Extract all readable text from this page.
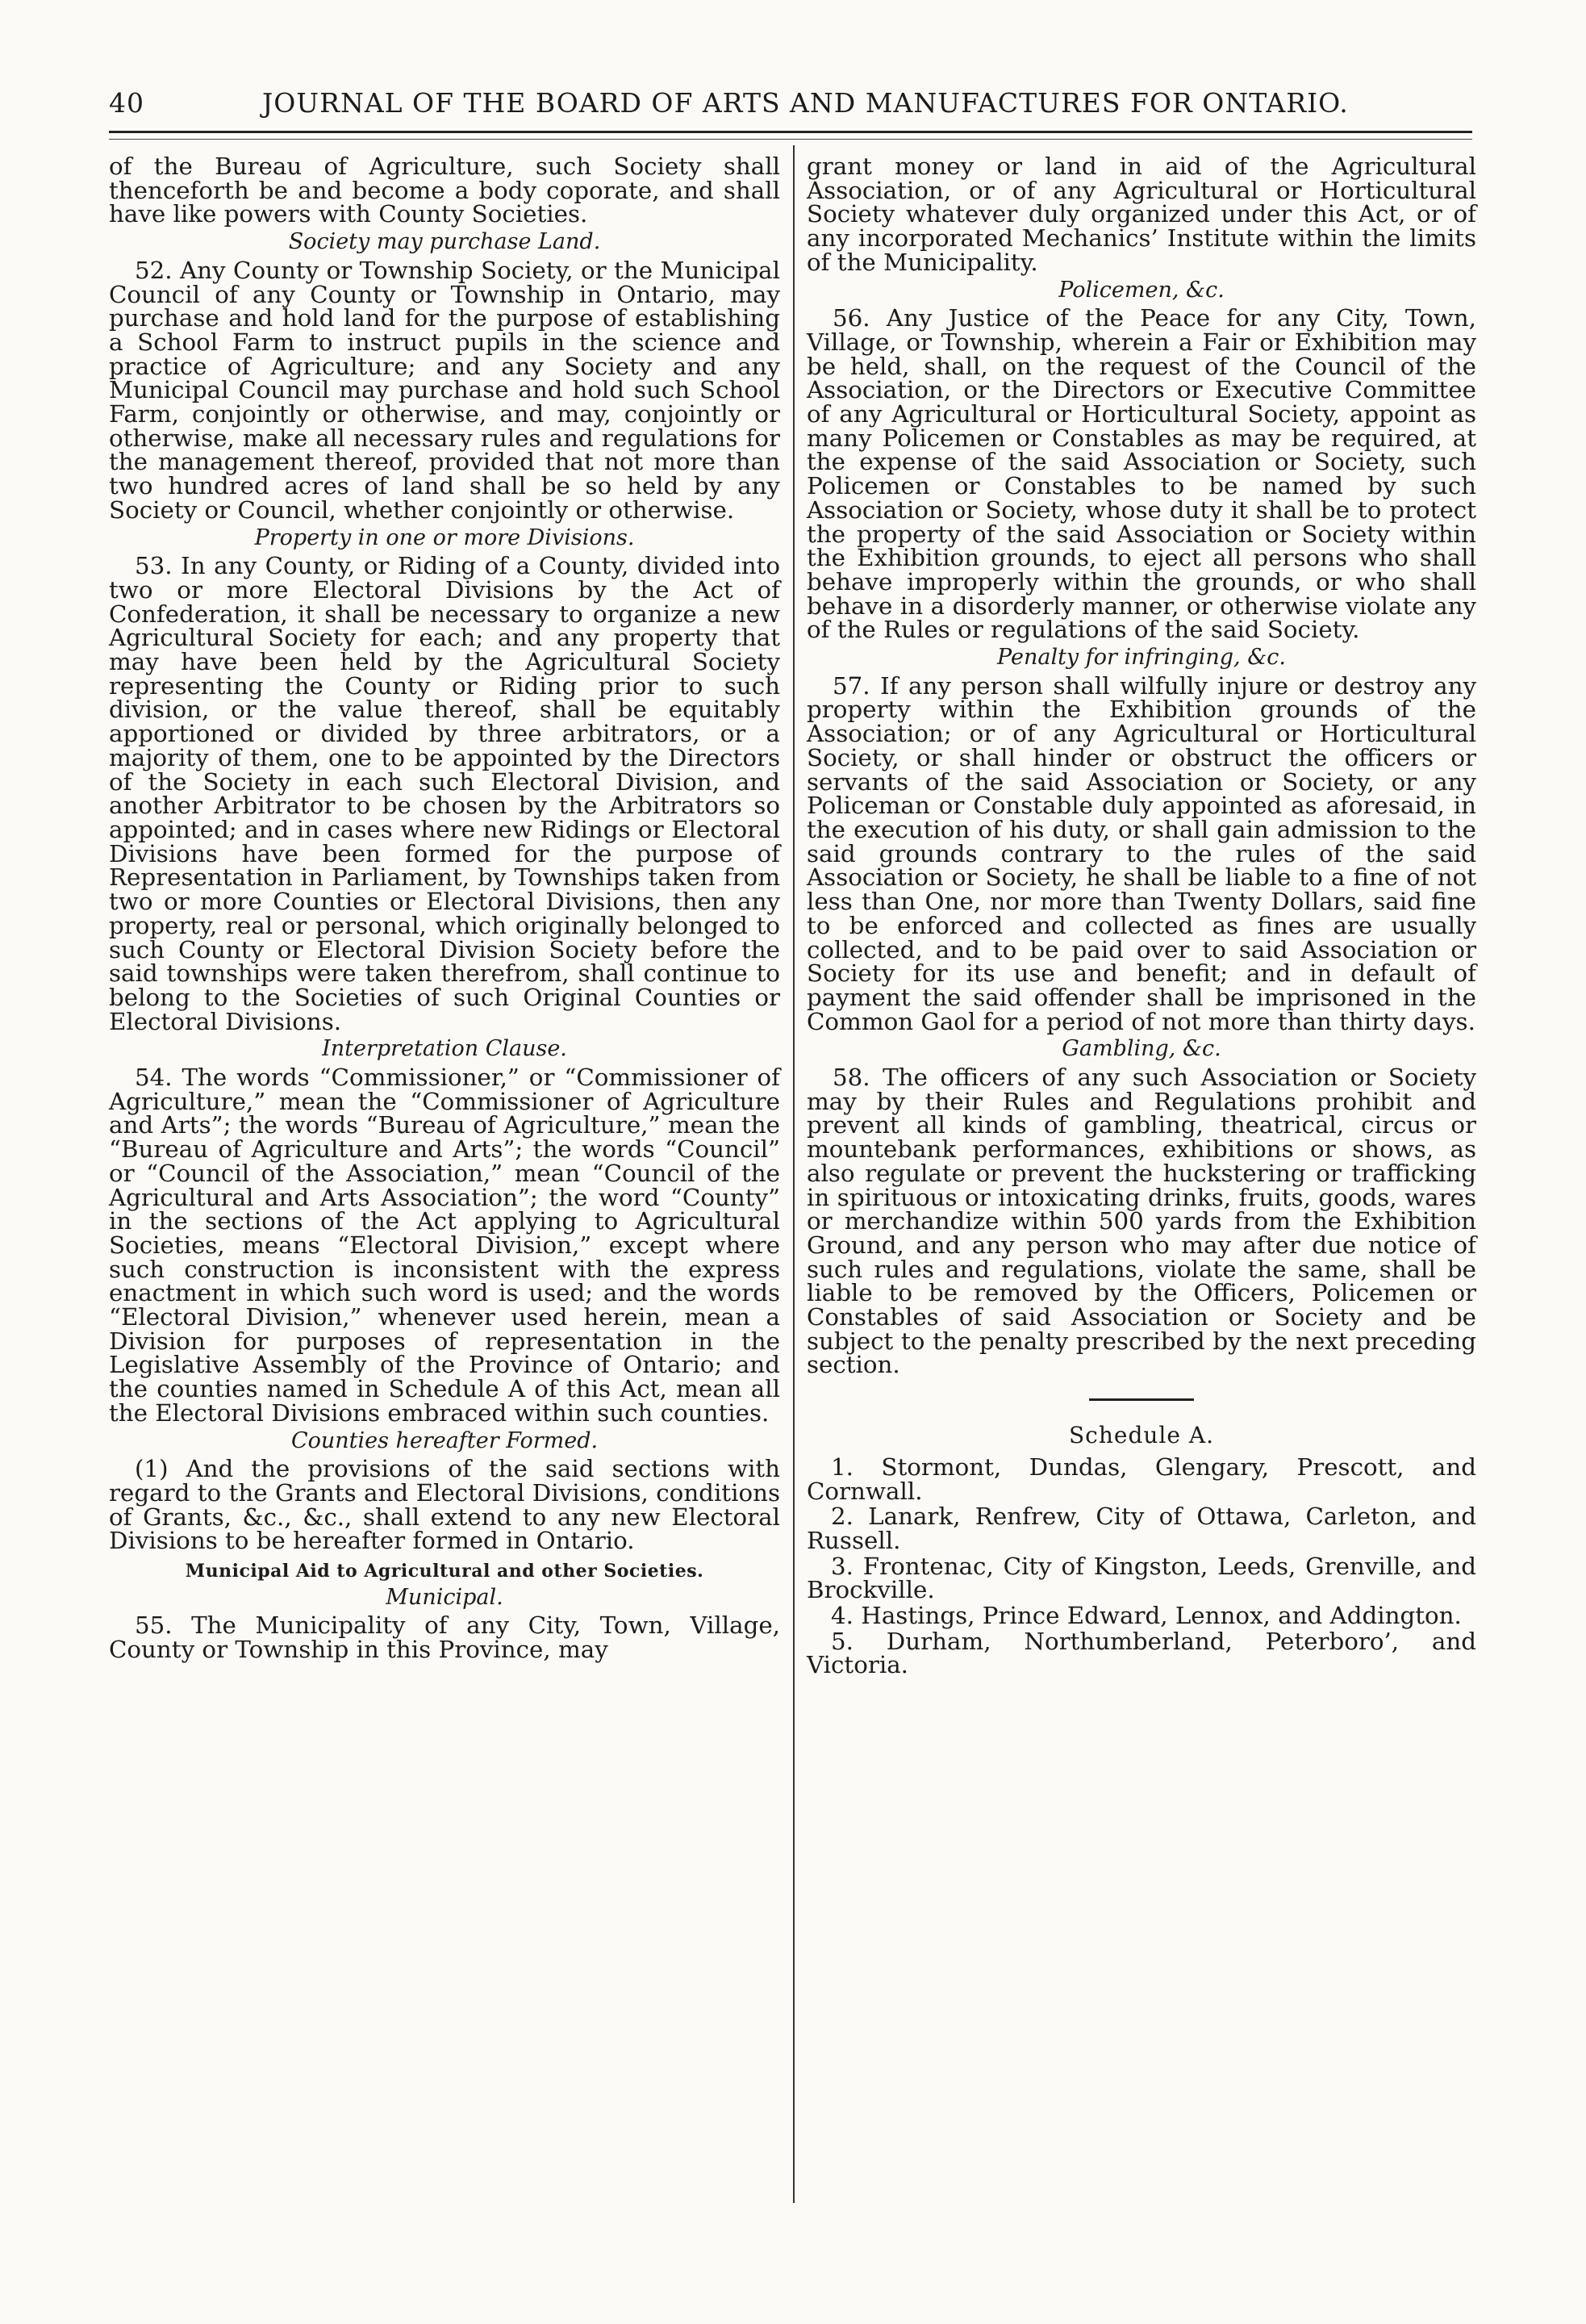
40	JOURNAL OF THE BOARD OF ARTS AND MANUFACTURES FOR ONTARIO.
of the Bureau of Agriculture, such Society shall thenceforth be and become a body coporate, and shall have like powers with County Societies.
Society may purchase Land.
52. Any County or Township Society, or the Municipal Council of any County or Township in Ontario, may purchase and hold land for the purpose of establishing a School Farm to instruct pupils in the science and practice of Agriculture; and any Society and any Municipal Council may purchase and hold such School Farm, conjointly or otherwise, and may, conjointly or otherwise, make all necessary rules and regulations for the management thereof, provided that not more than two hundred acres of land shall be so held by any Society or Council, whether conjointly or otherwise.
Property in one or more Divisions.
53. In any County, or Riding of a County, divided into two or more Electoral Divisions by the Act of Confederation, it shall be necessary to organize a new Agricultural Society for each; and any property that may have been held by the Agricultural Society representing the County or Riding prior to such division, or the value thereof, shall be equitably apportioned or divided by three arbitrators, or a majority of them, one to be appointed by the Directors of the Society in each such Electoral Division, and another Arbitrator to be chosen by the Arbitrators so appointed; and in cases where new Ridings or Electoral Divisions have been formed for the purpose of Representation in Parliament, by Townships taken from two or more Counties or Electoral Divisions, then any property, real or personal, which originally belonged to such County or Electoral Division Society before the said townships were taken therefrom, shall continue to belong to the Societies of such Original Counties or Electoral Divisions.
Interpretation Clause.
54. The words “Commissioner,” or “Commissioner of Agriculture,” mean the “Commissioner of Agriculture and Arts”; the words “Bureau of Agriculture,” mean the “Bureau of Agriculture and Arts”; the words “Council” or “Council of the Association,” mean “Council of the Agricultural and Arts Association”; the word “County” in the sections of the Act applying to Agricultural Societies, means “Electoral Division,” except where such construction is inconsistent with the express enactment in which such word is used; and the words “Electoral Division,” whenever used herein, mean a Division for purposes of representation in the Legislative Assembly of the Province of Ontario; and the counties named in Schedule A of this Act, mean all the Electoral Divisions embraced within such counties.
Counties hereafter Formed.
(1) And the provisions of the said sections with regard to the Grants and Electoral Divisions, conditions of Grants, &c., &c., shall extend to any new Electoral Divisions to be hereafter formed in Ontario.
Municipal Aid to Agricultural and other Societies.
Municipal.
55. The Municipality of any City, Town, Village, County or Township in this Province, may
grant money or land in aid of the Agricultural Association, or of any Agricultural or Horticultural Society whatever duly organized under this Act, or of any incorporated Mechanics’ Institute within the limits of the Municipality.
Policemen, &c.
56. Any Justice of the Peace for any City, Town, Village, or Township, wherein a Fair or Exhibition may be held, shall, on the request of the Council of the Association, or the Directors or Executive Committee of any Agricultural or Horticultural Society, appoint as many Policemen or Constables as may be required, at the expense of the said Association or Society, such Policemen or Constables to be named by such Association or Society, whose duty it shall be to protect the property of the said Association or Society within the Exhibition grounds, to eject all persons who shall behave improperly within the grounds, or who shall behave in a disorderly manner, or otherwise violate any of the Rules or regulations of the said Society.
Penalty for infringing, &c.
57. If any person shall wilfully injure or destroy any property within the Exhibition grounds of the Association; or of any Agricultural or Horticultural Society, or shall hinder or obstruct the officers or servants of the said Association or Society, or any Policeman or Constable duly appointed as aforesaid, in the execution of his duty, or shall gain admission to the said grounds contrary to the rules of the said Association or Society, he shall be liable to a fine of not less than One, nor more than Twenty Dollars, said fine to be enforced and collected as fines are usually collected, and to be paid over to said Association or Society for its use and benefit; and in default of payment the said offender shall be imprisoned in the Common Gaol for a period of not more than thirty days.
Gambling, &c.
58. The officers of any such Association or Society may by their Rules and Regulations prohibit and prevent all kinds of gambling, theatrical, circus or mountebank performances, exhibitions or shows, as also regulate or prevent the huckstering or trafficking in spirituous or intoxicating drinks, fruits, goods, wares or merchandize within 500 yards from the Exhibition Ground, and any person who may after due notice of such rules and regulations, violate the same, shall be liable to be removed by the Officers, Policemen or Constables of said Association or Society and be subject to the penalty prescribed by the next preceding section.
Schedule A.
1. Stormont, Dundas, Glengary, Prescott, and Cornwall.
2. Lanark, Renfrew, City of Ottawa, Carleton, and Russell.
3. Frontenac, City of Kingston, Leeds, Grenville, and Brockville.
4. Hastings, Prince Edward, Lennox, and Addington.
5. Durham, Northumberland, Peterboro’, and Victoria.
